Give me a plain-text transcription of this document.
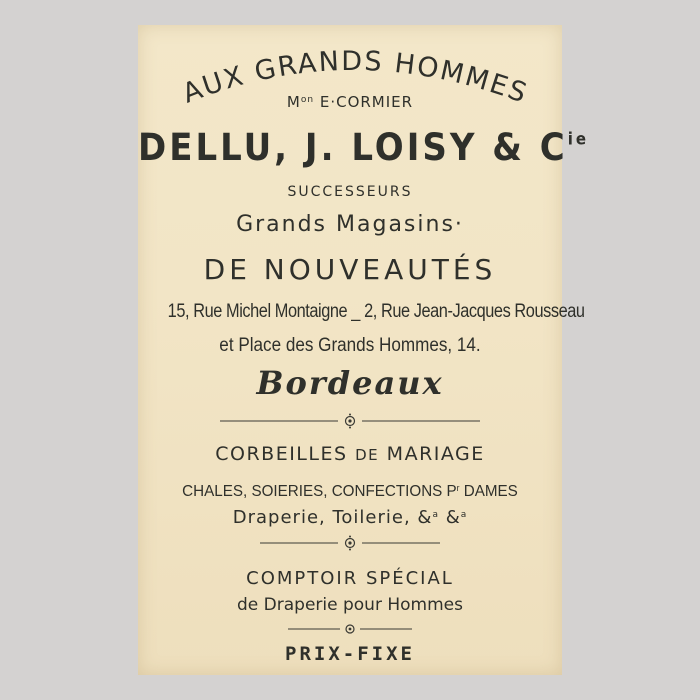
AUX GRANDS HOMMES
$M^{on}$ E·CORMIER
DELLU, J. LOISY & $C^{ie}$
SUCCESSEURS
Grands Magasins·
DE NOUVEAUTÉS
15, Rue Michel Montaigne _ 2, Rue Jean-Jacques Rousseau
et Place des Grands Hommes, 14.
Bordeaux
CORBEILLES DE MARIAGE
CHALES, SOIERIES, CONFECTIONS $P^r$ DAMES
Draperie, Toilerie, &$^a$ &$^a$
COMPTOIR SPÉCIAL
de Draperie pour Hommes
PRIX-FIXE
